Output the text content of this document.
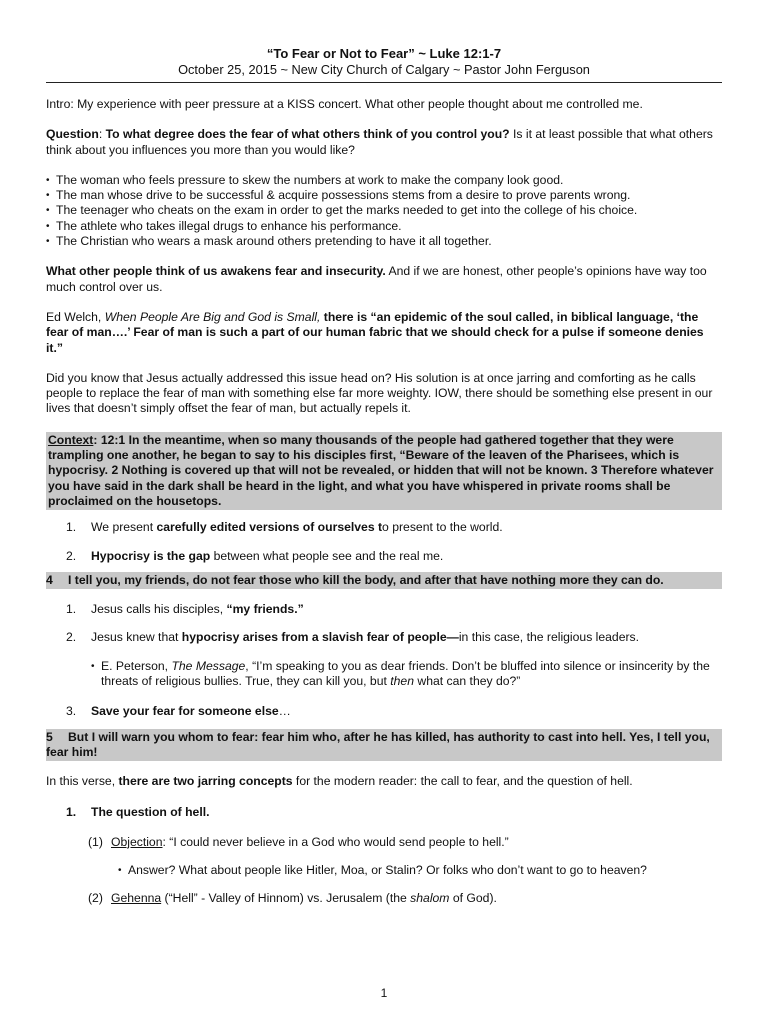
“To Fear or Not to Fear” ~ Luke 12:1-7
October 25, 2015 ~ New City Church of Calgary ~ Pastor John Ferguson

Intro: My experience with peer pressure at a KISS concert. What other people thought about me controlled me.

Question: To what degree does the fear of what others think of you control you? Is it at least possible that what others think about you influences you more than you would like?

• The woman who feels pressure to skew the numbers at work to make the company look good.
• The man whose drive to be successful & acquire possessions stems from a desire to prove parents wrong.
• The teenager who cheats on the exam in order to get the marks needed to get into the college of his choice.
• The athlete who takes illegal drugs to enhance his performance.
• The Christian who wears a mask around others pretending to have it all together.

What other people think of us awakens fear and insecurity. And if we are honest, other people’s opinions have way too much control over us.

Ed Welch, When People Are Big and God is Small, there is “an epidemic of the soul called, in biblical language, ‘the fear of man….’ Fear of man is such a part of our human fabric that we should check for a pulse if someone denies it.”

Did you know that Jesus actually addressed this issue head on? His solution is at once jarring and comforting as he calls people to replace the fear of man with something else far more weighty. IOW, there should be something else present in our lives that doesn’t simply offset the fear of man, but actually repels it.

Context: 12:1 In the meantime, when so many thousands of the people had gathered together that they were trampling one another, he began to say to his disciples first, “Beware of the leaven of the Pharisees, which is hypocrisy. 2 Nothing is covered up that will not be revealed, or hidden that will not be known. 3 Therefore whatever you have said in the dark shall be heard in the light, and what you have whispered in private rooms shall be proclaimed on the housetops.
1. We present carefully edited versions of ourselves to present to the world.
2. Hypocrisy is the gap between what people see and the real me.
4 I tell you, my friends, do not fear those who kill the body, and after that have nothing more they can do.
1. Jesus calls his disciples, “my friends.”
2. Jesus knew that hypocrisy arises from a slavish fear of people—in this case, the religious leaders.
• E. Peterson, The Message, “I’m speaking to you as dear friends. Don’t be bluffed into silence or insincerity by the threats of religious bullies. True, they can kill you, but then what can they do?”
3. Save your fear for someone else…
5 But I will warn you whom to fear: fear him who, after he has killed, has authority to cast into hell. Yes, I tell you, fear him!

In this verse, there are two jarring concepts for the modern reader: the call to fear, and the question of hell.

1. The question of hell.
(1) Objection: “I could never believe in a God who would send people to hell.”
• Answer? What about people like Hitler, Moa, or Stalin? Or folks who don’t want to go to heaven?
(2) Gehenna (“Hell” - Valley of Hinnom) vs. Jerusalem (the shalom of God).
1
